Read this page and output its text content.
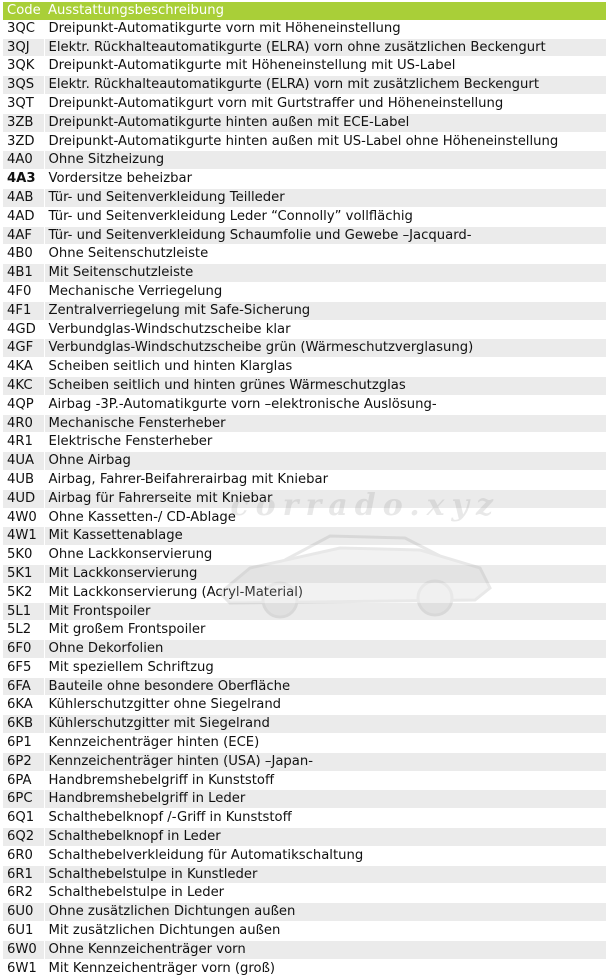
Code	Ausstattungsbeschreibung
3QC	Dreipunkt-Automatikgurte vorn mit Höheneinstellung
3QJ	Elektr. Rückhalteautomatikgurte (ELRA) vorn ohne zusätzlichen Beckengurt
3QK	Dreipunkt-Automatikgurte mit Höheneinstellung mit US-Label
3QS	Elektr. Rückhalteautomatikgurte (ELRA) vorn mit zusätzlichem Beckengurt
3QT	Dreipunkt-Automatikgurt vorn mit Gurtstraffer und Höheneinstellung
3ZB	Dreipunkt-Automatikgurte hinten außen mit ECE-Label
3ZD	Dreipunkt-Automatikgurte hinten außen mit US-Label ohne Höheneinstellung
4A0	Ohne Sitzheizung
4A3	Vordersitze beheizbar
4AB	Tür- und Seitenverkleidung Teilleder
4AD	Tür- und Seitenverkleidung Leder “Connolly” vollflächig
4AF	Tür- und Seitenverkleidung Schaumfolie und Gewebe –Jacquard-
4B0	Ohne Seitenschutzleiste
4B1	Mit Seitenschutzleiste
4F0	Mechanische Verriegelung
4F1	Zentralverriegelung mit Safe-Sicherung
4GD	Verbundglas-Windschutzscheibe klar
4GF	Verbundglas-Windschutzscheibe grün (Wärmeschutzverglasung)
4KA	Scheiben seitlich und hinten Klarglas
4KC	Scheiben seitlich und hinten grünes Wärmeschutzglas
4QP	Airbag -3P.-Automatikgurte vorn –elektronische Auslösung-
4R0	Mechanische Fensterheber
4R1	Elektrische Fensterheber
4UA	Ohne Airbag
4UB	Airbag, Fahrer-Beifahrerairbag mit Kniebar
4UD	Airbag für Fahrerseite mit Kniebar
4W0	Ohne Kassetten-/ CD-Ablage
4W1	Mit Kassettenablage
5K0	Ohne Lackkonservierung
5K1	Mit Lackkonservierung
5K2	Mit Lackkonservierung (Acryl-Material)
5L1	Mit Frontspoiler
5L2	Mit großem Frontspoiler
6F0	Ohne Dekorfolien
6F5	Mit speziellem Schriftzug
6FA	Bauteile ohne besondere Oberfläche
6KA	Kühlerschutzgitter ohne Siegelrand
6KB	Kühlerschutzgitter mit Siegelrand
6P1	Kennzeichenträger hinten (ECE)
6P2	Kennzeichenträger hinten (USA) –Japan-
6PA	Handbremshebelgriff in Kunststoff
6PC	Handbremshebelgriff in Leder
6Q1	Schalthebelknopf /-Griff in Kunststoff
6Q2	Schalthebelknopf in Leder
6R0	Schalthebelverkleidung für Automatikschaltung
6R1	Schalthebelstulpe in Kunstleder
6R2	Schalthebelstulpe in Leder
6U0	Ohne zusätzlichen Dichtungen außen
6U1	Mit zusätzlichen Dichtungen außen
6W0	Ohne Kennzeichenträger vorn
6W1	Mit Kennzeichenträger vorn (groß)
corrado.xyz
